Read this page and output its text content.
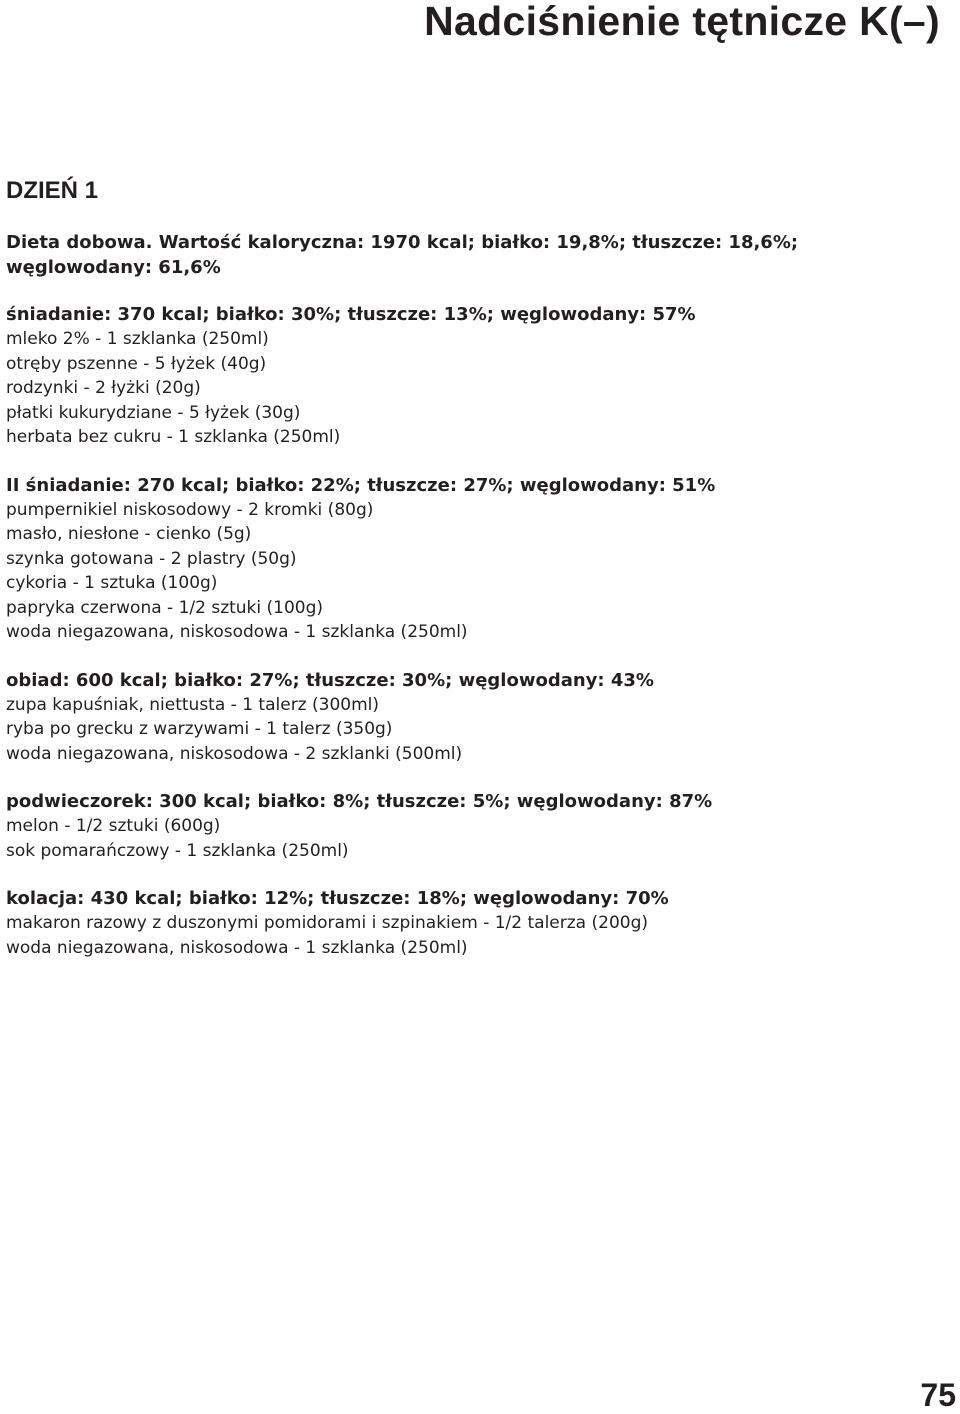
Nadciśnienie tętnicze K(–)
DZIEŃ 1

Dieta dobowa. Wartość kaloryczna: 1970 kcal; białko: 19,8%; tłuszcze: 18,6%; węglowodany: 61,6%

śniadanie: 370 kcal; białko: 30%; tłuszcze: 13%; węglowodany: 57%

mleko 2% - 1 szklanka (250ml)
otręby pszenne - 5 łyżek (40g)
rodzynki - 2 łyżki (20g)
płatki kukurydziane - 5 łyżek (30g)
herbata bez cukru - 1 szklanka (250ml)

II śniadanie: 270 kcal; białko: 22%; tłuszcze: 27%; węglowodany: 51%

pumpernikiel niskosodowy - 2 kromki (80g)
masło, niesłone - cienko (5g)
szynka gotowana - 2 plastry (50g)
cykoria - 1 sztuka (100g)
papryka czerwona - 1/2 sztuki (100g)
woda niegazowana, niskosodowa - 1 szklanka (250ml)

obiad: 600 kcal; białko: 27%; tłuszcze: 30%; węglowodany: 43%

zupa kapuśniak, niettusta - 1 talerz (300ml)
ryba po grecku z warzywami - 1 talerz (350g)
woda niegazowana, niskosodowa - 2 szklanki (500ml)

podwieczorek: 300 kcal; białko: 8%; tłuszcze: 5%; węglowodany: 87%

melon - 1/2 sztuki (600g)
sok pomarańczowy - 1 szklanka (250ml)

kolacja: 430 kcal; białko: 12%; tłuszcze: 18%; węglowodany: 70%

makaron razowy z duszonymi pomidorami i szpinakiem - 1/2 talerza (200g)
woda niegazowana, niskosodowa - 1 szklanka (250ml)

75
